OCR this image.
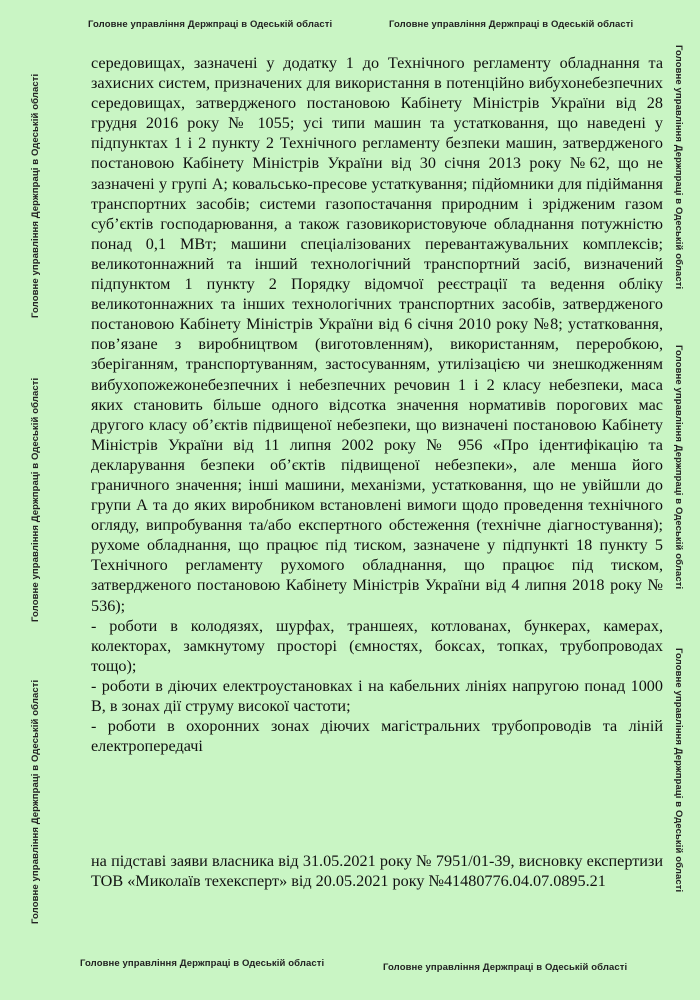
Головне управління Держпраці в Одеській області	Головне управління Держпраці в Одеській області
Головне управління Держпраці в Одеській області
Головне управління Держпраці в Одеській області
Головне управління Держпраці в Одеській області
Головне управління Держпраці в Одеській області
Головне управління Держпраці в Одеській області
Головне управління Держпраці в Одеській області

середовищах, зазначені у додатку 1 до Технічного регламенту обладнання та захисних систем, призначених для використання в потенційно вибухонебезпечних середовищах, затвердженого постановою Кабінету Міністрів України від 28 грудня 2016 року № 1055; усі типи машин та устатковання, що наведені у підпунктах 1 і 2 пункту 2 Технічного регламенту безпеки машин, затвердженого постановою Кабінету Міністрів України від 30 січня 2013 року №62, що не зазначені у групі А; ковальсько-пресове устаткування; підйомники для підіймання транспортних засобів; системи газопостачання природним і зрідженим газом суб’єктів господарювання, а також газовикористовуюче обладнання потужністю понад 0,1 МВт; машини спеціалізованих перевантажувальних комплексів; великотоннажний та інший технологічний транспортний засіб, визначений підпунктом 1 пункту 2 Порядку відомчої реєстрації та ведення обліку великотоннажних та інших технологічних транспортних засобів, затвердженого постановою Кабінету Міністрів України від 6 січня 2010 року №8; устатковання, пов’язане з виробництвом (виготовленням), використанням, переробкою, зберіганням, транспортуванням, застосуванням, утилізацією чи знешкодженням вибухопожежонебезпечних і небезпечних речовин 1 і 2 класу небезпеки, маса яких становить більше одного відсотка значення нормативів порогових мас другого класу об’єктів підвищеної небезпеки, що визначені постановою Кабінету Міністрів України від 11 липня 2002 року № 956 «Про ідентифікацію та декларування безпеки об’єктів підвищеної небезпеки», але менша його граничного значення; інші машини, механізми, устатковання, що не увійшли до групи А та до яких виробником встановлені вимоги щодо проведення технічного огляду, випробування та/або експертного обстеження (технічне діагностування); рухоме обладнання, що працює під тиском, зазначене у підпункті 18 пункту 5 Технічного регламенту рухомого обладнання, що працює під тиском, затвердженого постановою Кабінету Міністрів України від 4 липня 2018 року № 536);

- роботи в колодязях, шурфах, траншеях, котлованах, бункерах, камерах, колекторах, замкнутому просторі (ємностях, боксах, топках, трубопроводах тощо);

- роботи в діючих електроустановках і на кабельних лініях напругою понад 1000 В, в зонах дії струму високої частоти;

- роботи в охоронних зонах діючих магістральних трубопроводів та ліній електропередачі

на підставі заяви власника від 31.05.2021 року № 7951/01-39, висновку експертизи ТОВ «Миколаїв техексперт» від 20.05.2021 року №41480776.04.07.0895.21
Головне управління Держпраці в Одеській області	Головне управління Держпраці в Одеській області
